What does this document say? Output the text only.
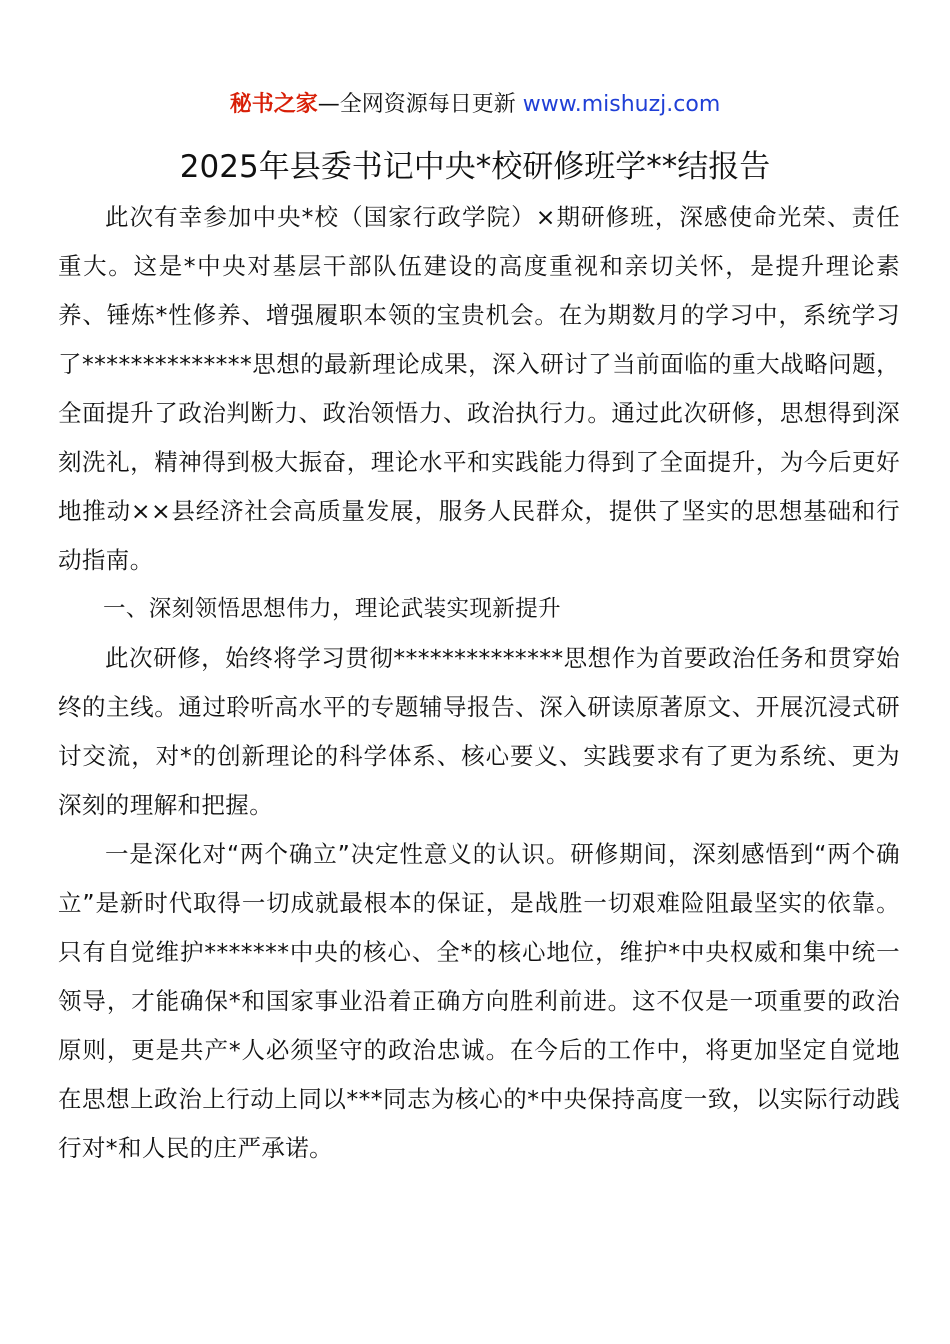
秘书之家—全网资源每日更新 www.mishuzj.com
2025年县委书记中央*校研修班学**结报告

此次有幸参加中央*校（国家行政学院）×期研修班，深感使命光荣、责任重大。这是*中央对基层干部队伍建设的高度重视和亲切关怀，是提升理论素养、锤炼*性修养、增强履职本领的宝贵机会。在为期数月的学习中，系统学习了**************思想的最新理论成果，深入研讨了当前面临的重大战略问题，全面提升了政治判断力、政治领悟力、政治执行力。通过此次研修，思想得到深刻洗礼，精神得到极大振奋，理论水平和实践能力得到了全面提升，为今后更好地推动××县经济社会高质量发展，服务人民群众，提供了坚实的思想基础和行动指南。

一、深刻领悟思想伟力，理论武装实现新提升

此次研修，始终将学习贯彻**************思想作为首要政治任务和贯穿始终的主线。通过聆听高水平的专题辅导报告、深入研读原著原文、开展沉浸式研讨交流，对*的创新理论的科学体系、核心要义、实践要求有了更为系统、更为深刻的理解和把握。

一是深化对“两个确立”决定性意义的认识。研修期间，深刻感悟到“两个确立”是新时代取得一切成就最根本的保证，是战胜一切艰难险阻最坚实的依靠。只有自觉维护*******中央的核心、全*的核心地位，维护*中央权威和集中统一领导，才能确保*和国家事业沿着正确方向胜利前进。这不仅是一项重要的政治原则，更是共产*人必须坚守的政治忠诚。在今后的工作中，将更加坚定自觉地在思想上政治上行动上同以***同志为核心的*中央保持高度一致，以实际行动践行对*和人民的庄严承诺。
